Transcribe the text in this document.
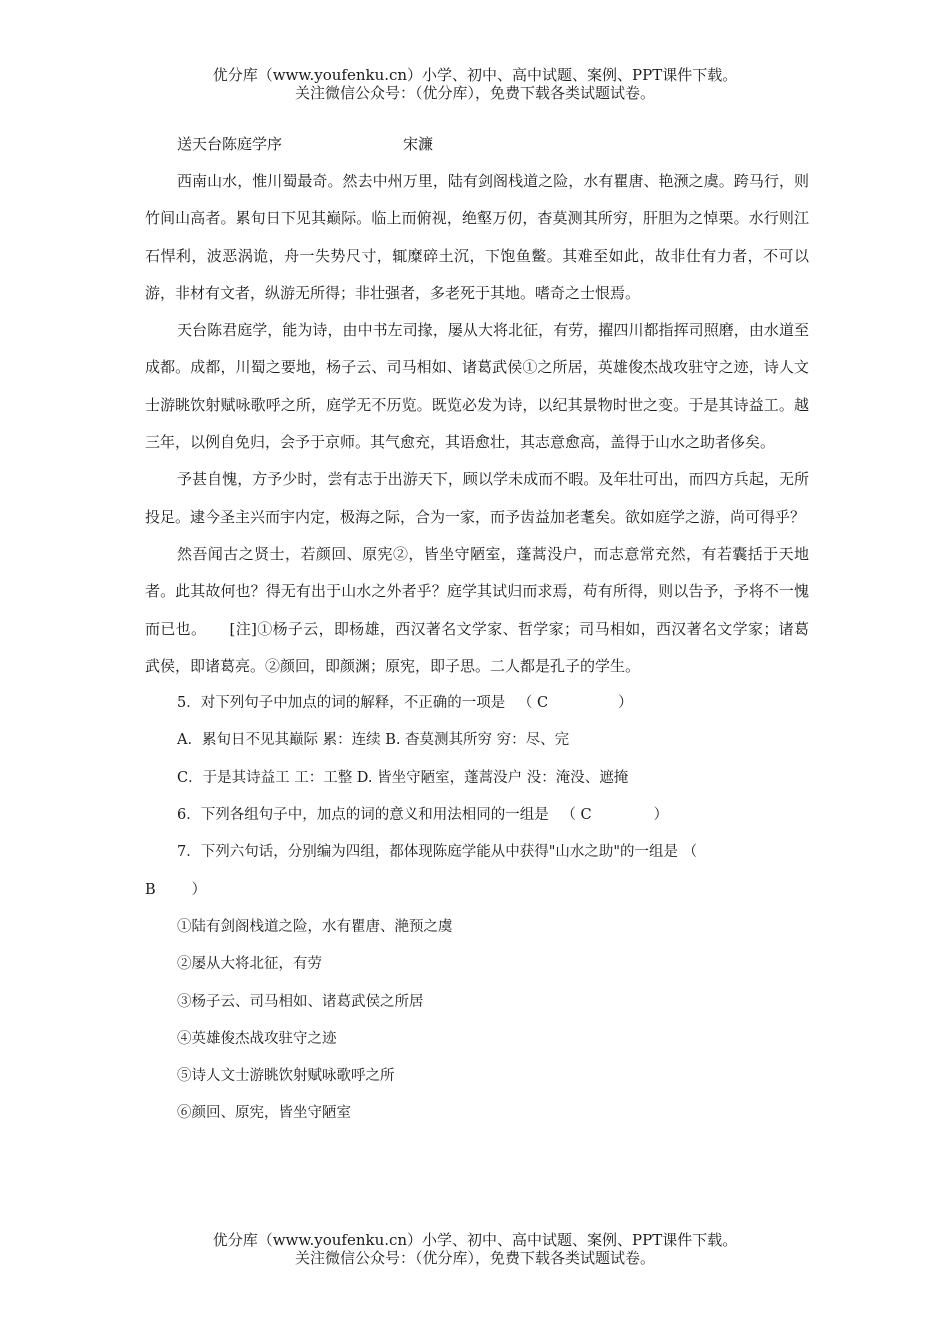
优分库（www.youfenku.cn）小学、初中、高中试题、案例、PPT课件下载。
关注微信公众号：（优分库），免费下载各类试题试卷。
送天台陈庭学序	宋濂

西南山水，惟川蜀最奇。然去中州万里，陆有剑阁栈道之险，水有瞿唐、艳滪之虞。跨马行，则竹间山高者。累旬日下见其巅际。临上而俯视，绝壑万仞，杳莫测其所穷，肝胆为之悼栗。水行则江石悍利，波恶涡诡，舟一失势尺寸，辄糜碎土沉，下饱鱼鳖。其难至如此，故非仕有力者，不可以游，非材有文者，纵游无所得；非壮强者，多老死于其地。嗜奇之士恨焉。

天台陈君庭学，能为诗，由中书左司掾，屡从大将北征，有劳，擢四川都指挥司照磨，由水道至成都。成都，川蜀之要地，杨子云、司马相如、诸葛武侯①之所居，英雄俊杰战攻驻守之迹，诗人文士游眺饮射赋咏歌呼之所，庭学无不历览。既览必发为诗，以纪其景物时世之变。于是其诗益工。越三年，以例自免归，会予于京师。其气愈充，其语愈壮，其志意愈高，盖得于山水之助者侈矣。

予甚自愧，方予少时，尝有志于出游天下，顾以学未成而不暇。及年壮可出，而四方兵起，无所投足。逮今圣主兴而宇内定，极海之际，合为一家，而予齿益加老耄矣。欲如庭学之游，尚可得乎？

然吾闻古之贤士，若颜回、原宪②，皆坐守陋室，蓬蒿没户，而志意常充然，有若囊括于天地者。此其故何也？得无有出于山水之外者乎？庭学其试归而求焉，苟有所得，则以告予，予将不一愧而已也。　　[注]①杨子云，即杨雄，西汉著名文学家、哲学家；司马相如，西汉著名文学家；诸葛武侯，即诸葛亮。②颜回，即颜渊；原宪，即子思。二人都是孔子的学生。

5．对下列句子中加点的词的解释，不正确的一项是 （ C	）

A．累旬日不见其巅际 累：连续 B. 杳莫测其所穷 穷：尽、完

C．于是其诗益工 工：工整 D. 皆坐守陋室，蓬蒿没户 没：淹没、遮掩

6．下列各组句子中，加点的词的意义和用法相同的一组是 （ C	）

7．下列六句话，分别编为四组，都体现陈庭学能从中获得"山水之助"的一组是 （

B ）

①陆有剑阁栈道之险，水有瞿唐、滟预之虞

②屡从大将北征，有劳

③杨子云、司马相如、诸葛武侯之所居

④英雄俊杰战攻驻守之迹

⑤诗人文士游眺饮射赋咏歌呼之所

⑥颜回、原宪，皆坐守陋室

优分库（www.youfenku.cn）小学、初中、高中试题、案例、PPT课件下载。
关注微信公众号：（优分库），免费下载各类试题试卷。
